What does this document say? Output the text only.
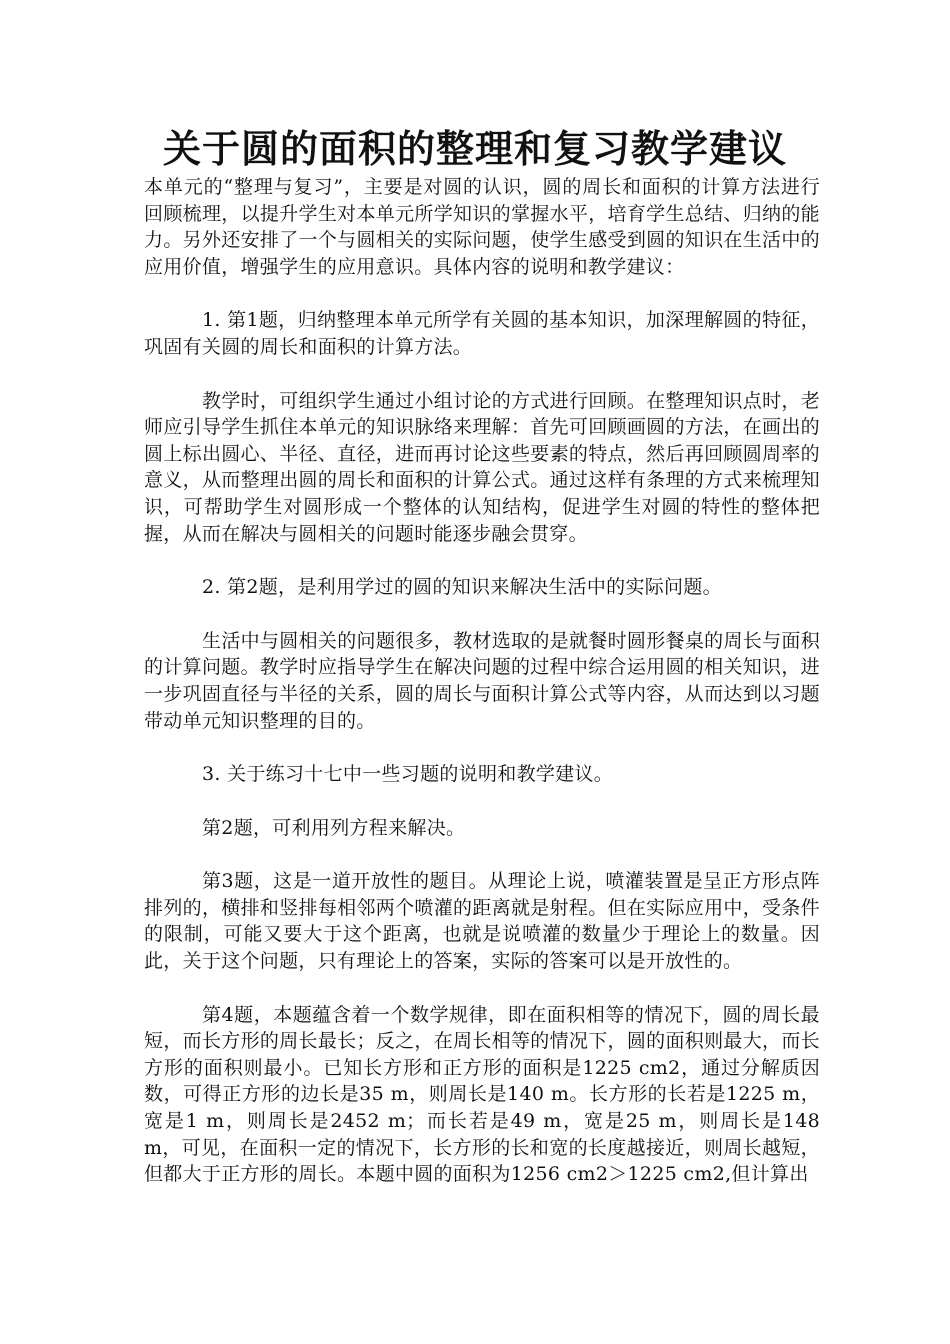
关于圆的面积的整理和复习教学建议

本单元的“整理与复习”，主要是对圆的认识，圆的周长和面积的计算方法进行回顾梳理，以提升学生对本单元所学知识的掌握水平，培育学生总结、归纳的能力。另外还安排了一个与圆相关的实际问题，使学生感受到圆的知识在生活中的应用价值，增强学生的应用意识。具体内容的说明和教学建议：

1. 第1题，归纳整理本单元所学有关圆的基本知识，加深理解圆的特征，巩固有关圆的周长和面积的计算方法。

教学时，可组织学生通过小组讨论的方式进行回顾。在整理知识点时，老师应引导学生抓住本单元的知识脉络来理解：首先可回顾画圆的方法，在画出的圆上标出圆心、半径、直径，进而再讨论这些要素的特点，然后再回顾圆周率的意义，从而整理出圆的周长和面积的计算公式。通过这样有条理的方式来梳理知识，可帮助学生对圆形成一个整体的认知结构，促进学生对圆的特性的整体把握，从而在解决与圆相关的问题时能逐步融会贯穿。

2. 第2题，是利用学过的圆的知识来解决生活中的实际问题。

生活中与圆相关的问题很多，教材选取的是就餐时圆形餐桌的周长与面积的计算问题。教学时应指导学生在解决问题的过程中综合运用圆的相关知识，进一步巩固直径与半径的关系，圆的周长与面积计算公式等内容，从而达到以习题带动单元知识整理的目的。

3. 关于练习十七中一些习题的说明和教学建议。

第2题，可利用列方程来解决。

第3题，这是一道开放性的题目。从理论上说，喷灌装置是呈正方形点阵排列的，横排和竖排每相邻两个喷灌的距离就是射程。但在实际应用中，受条件的限制，可能又要大于这个距离，也就是说喷灌的数量少于理论上的数量。因此，关于这个问题，只有理论上的答案，实际的答案可以是开放性的。

第4题，本题蕴含着一个数学规律，即在面积相等的情况下，圆的周长最短，而长方形的周长最长；反之，在周长相等的情况下，圆的面积则最大，而长方形的面积则最小。已知长方形和正方形的面积是1225 cm2，通过分解质因数，可得正方形的边长是35 m，则周长是140 m。长方形的长若是1225 m，宽是1 m，则周长是2452 m；而长若是49 m，宽是25 m，则周长是148 m，可见，在面积一定的情况下，长方形的长和宽的长度越接近，则周长越短，但都大于正方形的周长。本题中圆的面积为1256 cm2＞1225 cm2,但计算出
